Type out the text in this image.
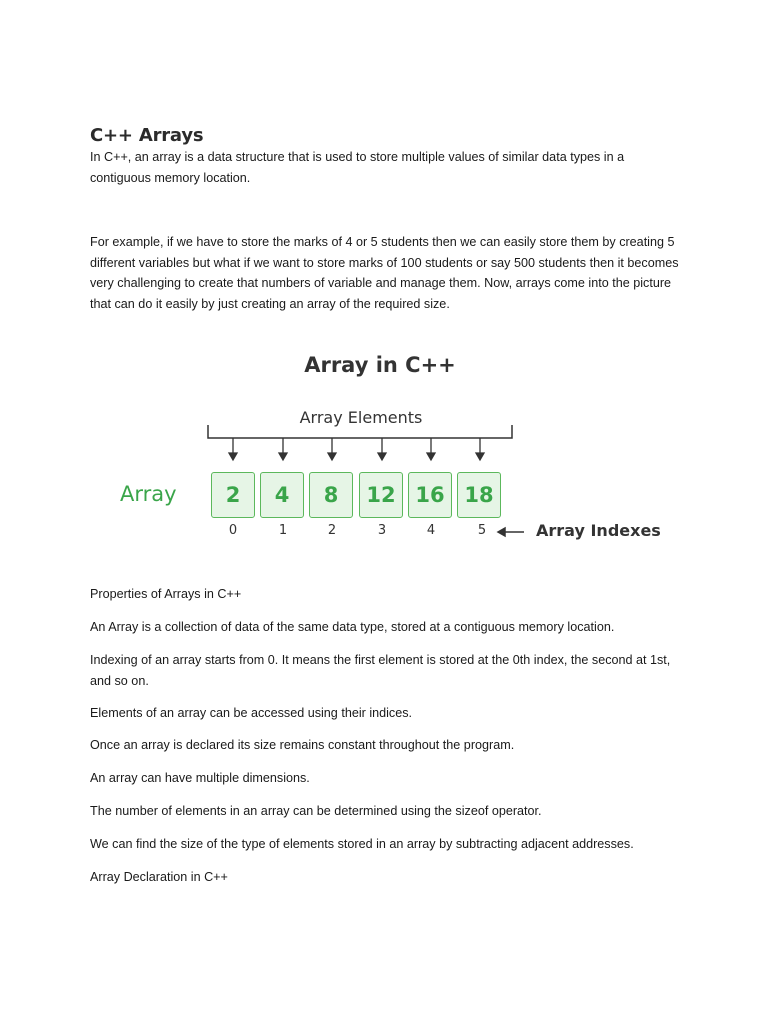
C++ Arrays

In C++, an array is a data structure that is used to store multiple values of similar data types in a contiguous memory location.

For example, if we have to store the marks of 4 or 5 students then we can easily store them by creating 5 different variables but what if we want to store marks of 100 students or say 500 students then it becomes very challenging to create that numbers of variable and manage them. Now, arrays come into the picture that can do it easily by just creating an array of the required size.

Array in C++
Array Elements
Array	2	4	8	12 16 18
0	1	2	3	4	5	Array Indexes

Properties of Arrays in C++

An Array is a collection of data of the same data type, stored at a contiguous memory location.

Indexing of an array starts from 0. It means the first element is stored at the 0th index, the second at 1st, and so on.

Elements of an array can be accessed using their indices.

Once an array is declared its size remains constant throughout the program.

An array can have multiple dimensions.

The number of elements in an array can be determined using the sizeof operator.

We can find the size of the type of elements stored in an array by subtracting adjacent addresses.

Array Declaration in C++
